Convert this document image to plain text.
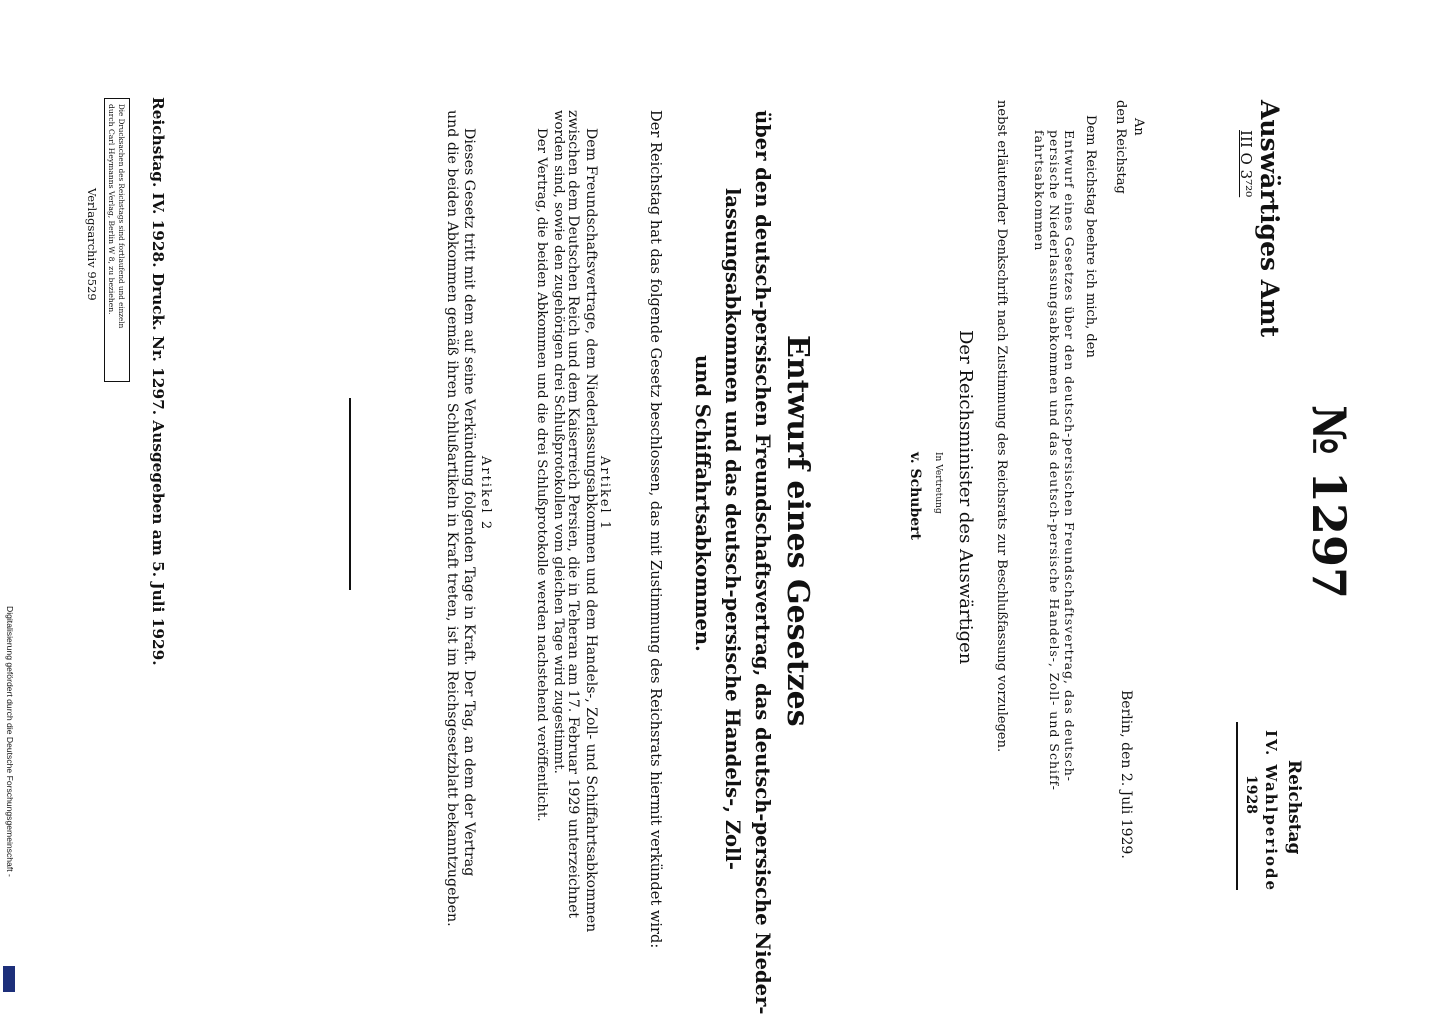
Auswärtiges Amt
III O 3⁷²⁰
№ 1297
Reichstag
IV. Wahlperiode
1928
Berlin, den 2. Juli 1929.
An
den Reichstag
Dem Reichstag beehre ich mich, den
Entwurf eines Gesetzes über den deutsch-persischen Freundschaftsvertrag, das deutsch-
persische Niederlassungsabkommen und das deutsch-persische Handels-, Zoll- und Schiff-
fahrtsabkommen
nebst erläuternder Denkschrift nach Zustimmung des Reichsrats zur Beschlußfassung vorzulegen.
Der Reichsminister des Auswärtigen
In Vertretung
v. Schubert
Entwurf eines Gesetzes
über den deutsch-persischen Freundschaftsvertrag, das deutsch-persische Nieder-
lassungsabkommen und das deutsch-persische Handels-, Zoll-
und Schiffahrtsabkommen.
Der Reichstag hat das folgende Gesetz beschlossen, das mit Zustimmung des Reichsrats hiermit verkündet wird:
Artikel 1
Dem Freundschaftsvertrage, dem Niederlassungsabkommen und dem Handels-, Zoll- und Schiffahrtsabkommen
zwischen dem Deutschen Reich und dem Kaiserreich Persien, die in Teheran am 17. Februar 1929 unterzeichnet
worden sind, sowie den zugehörigen drei Schlußprotokollen vom gleichen Tage wird zugestimmt.
Der Vertrag, die beiden Abkommen und die drei Schlußprotokolle werden nachstehend veröffentlicht.
Artikel 2
Dieses Gesetz tritt mit dem auf seine Verkündung folgenden Tage in Kraft. Der Tag, an dem der Vertrag
und die beiden Abkommen gemäß ihren Schlußartikeln in Kraft treten, ist im Reichsgesetzblatt bekanntzugeben.
Reichstag. IV. 1928. Druck. Nr. 1297. Ausgegeben am 5. Juli 1929.
Die Drucksachen des Reichstags sind fortlaufend und einzeln
durch Carl Heymanns Verlag, Berlin W 8, zu beziehen.
Verlagsarchiv 9529
Digitalisierung gefördert durch die Deutsche Forschungsgemeinschaft -
